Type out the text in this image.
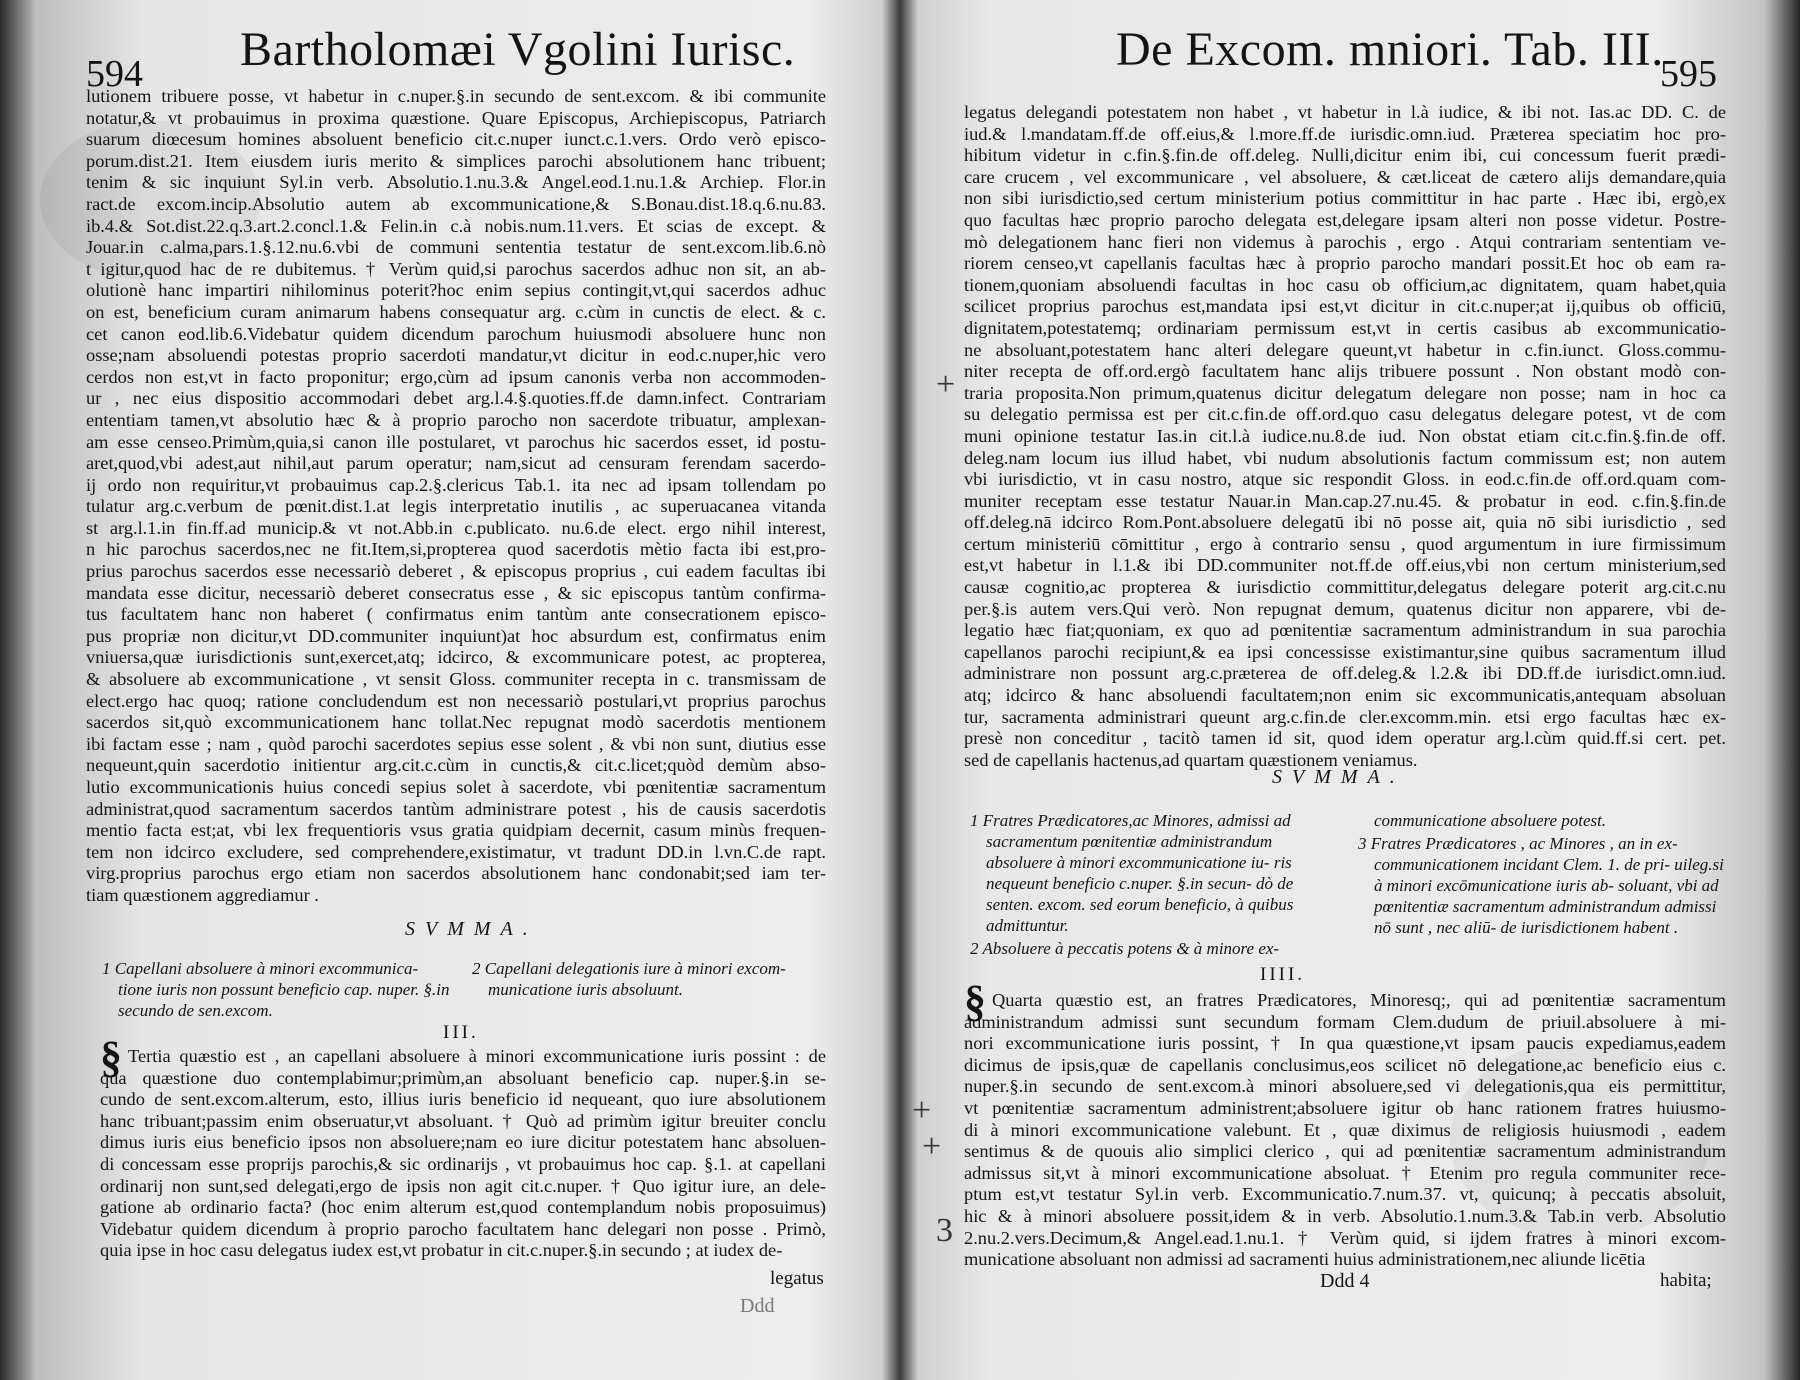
594 Bartholomæi Vgolini Iurisc.

lutionem tribuere posse, vt habetur in c.nuper.§.in secundo de sent.excom. & ibi communite

notatur,& vt probauimus in proxima quæstione. Quare Episcopus, Archiepiscopus, Patriarch

suarum diœcesum homines absoluent beneficio cit.c.nuper iunct.c.1.vers. Ordo verò episco-

porum.dist.21. Item eiusdem iuris merito & simplices parochi absolutionem hanc tribuent;

tenim & sic inquiunt Syl.in verb. Absolutio.1.nu.3.& Angel.eod.1.nu.1.& Archiep. Flor.in

ract.de excom.incip.Absolutio autem ab excommunicatione,& S.Bonau.dist.18.q.6.nu.83.

ib.4.& Sot.dist.22.q.3.art.2.concl.1.& Felin.in c.à nobis.num.11.vers. Et scias de except. &

Jouar.in c.alma,pars.1.§.12.nu.6.vbi de communi sententia testatur de sent.excom.lib.6.nò

t igitur,quod hac de re dubitemus. † Verùm quid,si parochus sacerdos adhuc non sit, an ab-

olutionè hanc impartiri nihilominus poterit?hoc enim sepius contingit,vt,qui sacerdos adhuc

on est, beneficium curam animarum habens consequatur arg. c.cùm in cunctis de elect. & c.

cet canon eod.lib.6.Videbatur quidem dicendum parochum huiusmodi absoluere hunc non

osse;nam absoluendi potestas proprio sacerdoti mandatur,vt dicitur in eod.c.nuper,hic vero

cerdos non est,vt in facto proponitur; ergo,cùm ad ipsum canonis verba non accommoden-

ur , nec eius dispositio accommodari debet arg.l.4.§.quoties.ff.de damn.infect. Contrariam

ententiam tamen,vt absolutio hæc & à proprio parocho non sacerdote tribuatur, amplexan-

am esse censeo.Primùm,quia,si canon ille postularet, vt parochus hic sacerdos esset, id postu-

aret,quod,vbi adest,aut nihil,aut parum operatur; nam,sicut ad censuram ferendam sacerdo-

ij ordo non requiritur,vt probauimus cap.2.§.clericus Tab.1. ita nec ad ipsam tollendam po

tulatur arg.c.verbum de pœnit.dist.1.at legis interpretatio inutilis , ac superuacanea vitanda

st arg.l.1.in fin.ff.ad municip.& vt not.Abb.in c.publicato. nu.6.de elect. ergo nihil interest,

n hic parochus sacerdos,nec ne fit.Item,si,propterea quod sacerdotis mètio facta ibi est,pro-

prius parochus sacerdos esse necessariò deberet , & episcopus proprius , cui eadem facultas ibi

mandata esse dicitur, necessariò deberet consecratus esse , & sic episcopus tantùm confirma-

tus facultatem hanc non haberet ( confirmatus enim tantùm ante consecrationem episco-

pus propriæ non dicitur,vt DD.communiter inquiunt)at hoc absurdum est, confirmatus enim

vniuersa,quæ iurisdictionis sunt,exercet,atq; idcirco, & excommunicare potest, ac propterea,

& absoluere ab excommunicatione , vt sensit Gloss. communiter recepta in c. transmissam de

elect.ergo hac quoq; ratione concludendum est non necessariò postulari,vt proprius parochus

sacerdos sit,quò excommunicationem hanc tollat.Nec repugnat modò sacerdotis mentionem

ibi factam esse ; nam , quòd parochi sacerdotes sepius esse solent , & vbi non sunt, diutius esse

nequeunt,quin sacerdotio initientur arg.cit.c.cùm in cunctis,& cit.c.licet;quòd demùm abso-

lutio excommunicationis huius concedi sepius solet à sacerdote, vbi pœnitentiæ sacramentum

administrat,quod sacramentum sacerdos tantùm administrare potest , his de causis sacerdotis

mentio facta est;at, vbi lex frequentioris vsus gratia quidpiam decernit, casum minùs frequen-

tem non idcirco excludere, sed comprehendere,existimatur, vt tradunt DD.in l.vn.C.de rapt.

virg.proprius parochus ergo etiam non sacerdos absolutionem hanc condonabit;sed iam ter-

tiam quæstionem aggrediamur .

SVMMA.

1 Capellani absoluere à minori excommunica- tione iuris non possunt beneficio cap. nuper. §.in secundo de sen.excom.

2 Capellani delegationis iure à minori excom- municatione iuris absoluunt.

III.

§ Tertia quæstio est , an capellani absoluere à minori excommunicatione iuris possint : de

qua quæstione duo contemplabimur;primùm,an absoluant beneficio cap. nuper.§.in se-

cundo de sent.excom.alterum, esto, illius iuris beneficio id nequeant, quo iure absolutionem

hanc tribuant;passim enim obseruatur,vt absoluant. † Quò ad primùm igitur breuiter conclu

dimus iuris eius beneficio ipsos non absoluere;nam eo iure dicitur potestatem hanc absoluen-

di concessam esse proprijs parochis,& sic ordinarijs , vt probauimus hoc cap. §.1. at capellani

ordinarij non sunt,sed delegati,ergo de ipsis non agit cit.c.nuper. † Quo igitur iure, an dele-

gatione ab ordinario facta? (hoc enim alterum est,quod contemplandum nobis proposuimus)

Videbatur quidem dicendum à proprio parocho facultatem hanc delegari non posse . Primò,

quia ipse in hoc casu delegatus iudex est,vt probatur in cit.c.nuper.§.in secundo ; at iudex de-

legatus
Ddd
De Excom. mniori. Tab. III.
595

legatus delegandi potestatem non habet , vt habetur in l.à iudice, & ibi not. Ias.ac DD. C. de

iud.& l.mandatam.ff.de off.eius,& l.more.ff.de iurisdic.omn.iud. Præterea speciatim hoc pro-

hibitum videtur in c.fin.§.fin.de off.deleg. Nulli,dicitur enim ibi, cui concessum fuerit prædi-

care crucem , vel excommunicare , vel absoluere, & cæt.liceat de cætero alijs demandare,quia

non sibi iurisdictio,sed certum ministerium potius committitur in hac parte . Hæc ibi, ergò,ex

quo facultas hæc proprio parocho delegata est,delegare ipsam alteri non posse videtur. Postre-

mò delegationem hanc fieri non videmus à parochis , ergo . Atqui contrariam sententiam ve-

riorem censeo,vt capellanis facultas hæc à proprio parocho mandari possit.Et hoc ob eam ra-

tionem,quoniam absoluendi facultas in hoc casu ob officium,ac dignitatem, quam habet,quia

scilicet proprius parochus est,mandata ipsi est,vt dicitur in cit.c.nuper;at ij,quibus ob officiū,

dignitatem,potestatemq; ordinariam permissum est,vt in certis casibus ab excommunicatio-

ne absoluant,potestatem hanc alteri delegare queunt,vt habetur in c.fin.iunct. Gloss.commu-

niter recepta de off.ord.ergò facultatem hanc alijs tribuere possunt . Non obstant modò con-

traria proposita.Non primum,quatenus dicitur delegatum delegare non posse; nam in hoc ca

su delegatio permissa est per cit.c.fin.de off.ord.quo casu delegatus delegare potest, vt de com

muni opinione testatur Ias.in cit.l.à iudice.nu.8.de iud. Non obstat etiam cit.c.fin.§.fin.de off.

deleg.nam locum ius illud habet, vbi nudum absolutionis factum commissum est; non autem

vbi iurisdictio, vt in casu nostro, atque sic respondit Gloss. in eod.c.fin.de off.ord.quam com-

muniter receptam esse testatur Nauar.in Man.cap.27.nu.45. & probatur in eod. c.fin.§.fin.de

off.deleg.nā idcirco Rom.Pont.absoluere delegatū ibi nō posse ait, quia nō sibi iurisdictio , sed

certum ministeriū cōmittitur , ergo à contrario sensu , quod argumentum in iure firmissimum

est,vt habetur in l.1.& ibi DD.communiter not.ff.de off.eius,vbi non certum ministerium,sed

causæ cognitio,ac propterea & iurisdictio committitur,delegatus delegare poterit arg.cit.c.nu

per.§.is autem vers.Qui verò. Non repugnat demum, quatenus dicitur non apparere, vbi de-

legatio hæc fiat;quoniam, ex quo ad pœnitentiæ sacramentum administrandum in sua parochia

capellanos parochi recipiunt,& ea ipsi concessisse existimantur,sine quibus sacramentum illud

administrare non possunt arg.c.præterea de off.deleg.& l.2.& ibi DD.ff.de iurisdict.omn.iud.

atq; idcirco & hanc absoluendi facultatem;non enim sic excommunicatis,antequam absoluan

tur, sacramenta administrari queunt arg.c.fin.de cler.excomm.min. etsi ergo facultas hæc ex-

presè non conceditur , tacitò tamen id sit, quod idem operatur arg.l.cùm quid.ff.si cert. pet.

sed de capellanis hactenus,ad quartam quæstionem veniamus.

SVMMA.

1 Fratres Prædicatores,ac Minores, admissi ad sacramentum pœnitentiæ administrandum absoluere à minori excommunicatione iu- ris nequeunt beneficio c.nuper. §.in secun- dò de senten. excom. sed eorum beneficio, à quibus admittuntur.

2 Absoluere à peccatis potens & à minore ex-

communicatione absoluere potest.

3 Fratres Prædicatores , ac Minores , an in ex- communicationem incidant Clem. 1. de pri- uileg.si à minori excōmunicatione iuris ab- soluant, vbi ad pœnitentiæ sacramentum administrandum admissi nō sunt , nec aliū- de iurisdictionem habent .

IIII.

§ Quarta quæstio est, an fratres Prædicatores, Minoresq;, qui ad pœnitentiæ sacramentum

administrandum admissi sunt secundum formam Clem.dudum de priuil.absoluere à mi-

nori excommunicatione iuris possint, † In qua quæstione,vt ipsam paucis expediamus,eadem

dicimus de ipsis,quæ de capellanis conclusimus,eos scilicet nō delegatione,ac beneficio eius c.

nuper.§.in secundo de sent.excom.à minori absoluere,sed vi delegationis,qua eis permittitur,

vt pœnitentiæ sacramentum administrent;absoluere igitur ob hanc rationem fratres huiusmo-

di à minori excommunicatione valebunt. Et , quæ diximus de religiosis huiusmodi , eadem

sentimus & de quouis alio simplici clerico , qui ad pœnitentiæ sacramentum administrandum

admissus sit,vt à minori excommunicatione absoluat. † Etenim pro regula communiter rece-

ptum est,vt testatur Syl.in verb. Excommunicatio.7.num.37. vt, quicunq; à peccatis absoluit,

hic & à minori absoluere possit,idem & in verb. Absolutio.1.num.3.& Tab.in verb. Absolutio

2.nu.2.vers.Decimum,& Angel.ead.1.nu.1. † Verùm quid, si ijdem fratres à minori excom-

municatione absoluant non admissi ad sacramenti huius administrationem,nec aliunde licētia

Ddd 4	habita;
+
+
+
3
